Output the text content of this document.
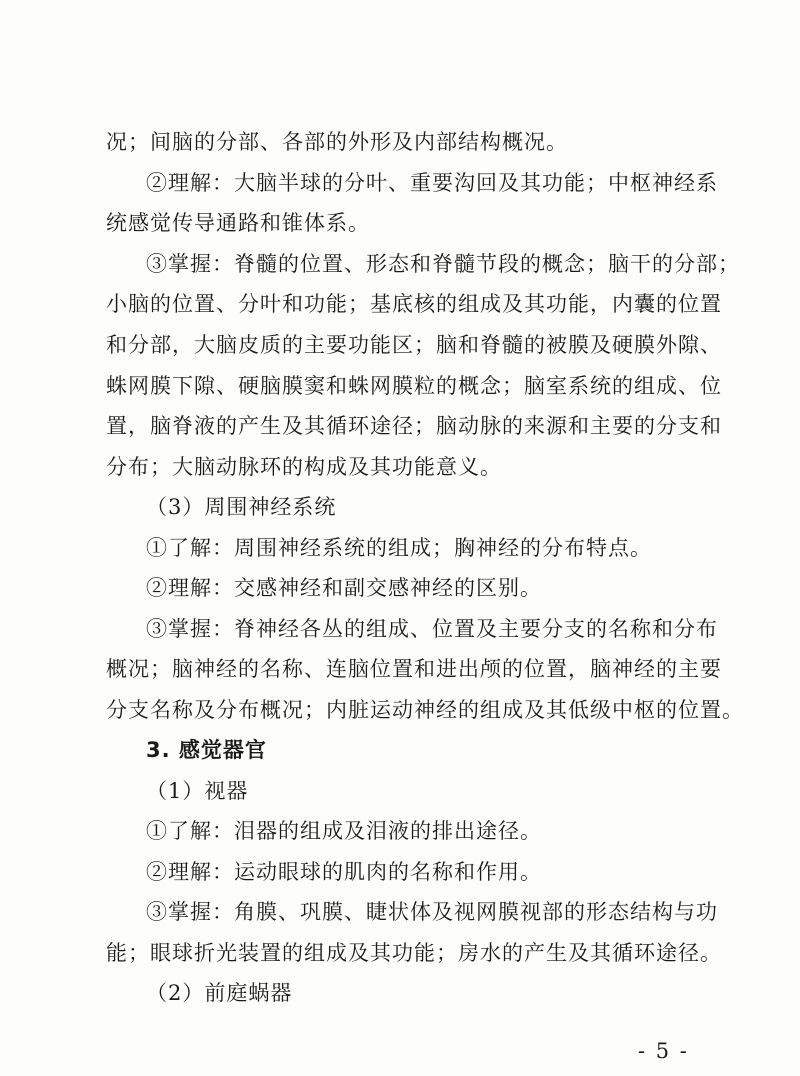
况；间脑的分部、各部的外形及内部结构概况。
②理解：大脑半球的分叶、重要沟回及其功能；中枢神经系
统感觉传导通路和锥体系。
③掌握：脊髓的位置、形态和脊髓节段的概念；脑干的分部；
小脑的位置、分叶和功能；基底核的组成及其功能，内囊的位置
和分部，大脑皮质的主要功能区；脑和脊髓的被膜及硬膜外隙、
蛛网膜下隙、硬脑膜窦和蛛网膜粒的概念；脑室系统的组成、位
置，脑脊液的产生及其循环途径；脑动脉的来源和主要的分支和
分布；大脑动脉环的构成及其功能意义。
（3）周围神经系统
①了解：周围神经系统的组成；胸神经的分布特点。
②理解：交感神经和副交感神经的区别。
③掌握：脊神经各丛的组成、位置及主要分支的名称和分布
概况；脑神经的名称、连脑位置和进出颅的位置，脑神经的主要
分支名称及分布概况；内脏运动神经的组成及其低级中枢的位置。
3. 感觉器官
（1）视器
①了解：泪器的组成及泪液的排出途径。
②理解：运动眼球的肌肉的名称和作用。
③掌握：角膜、巩膜、睫状体及视网膜视部的形态结构与功
能；眼球折光装置的组成及其功能；房水的产生及其循环途径。
（2）前庭蜗器
- 5 -
